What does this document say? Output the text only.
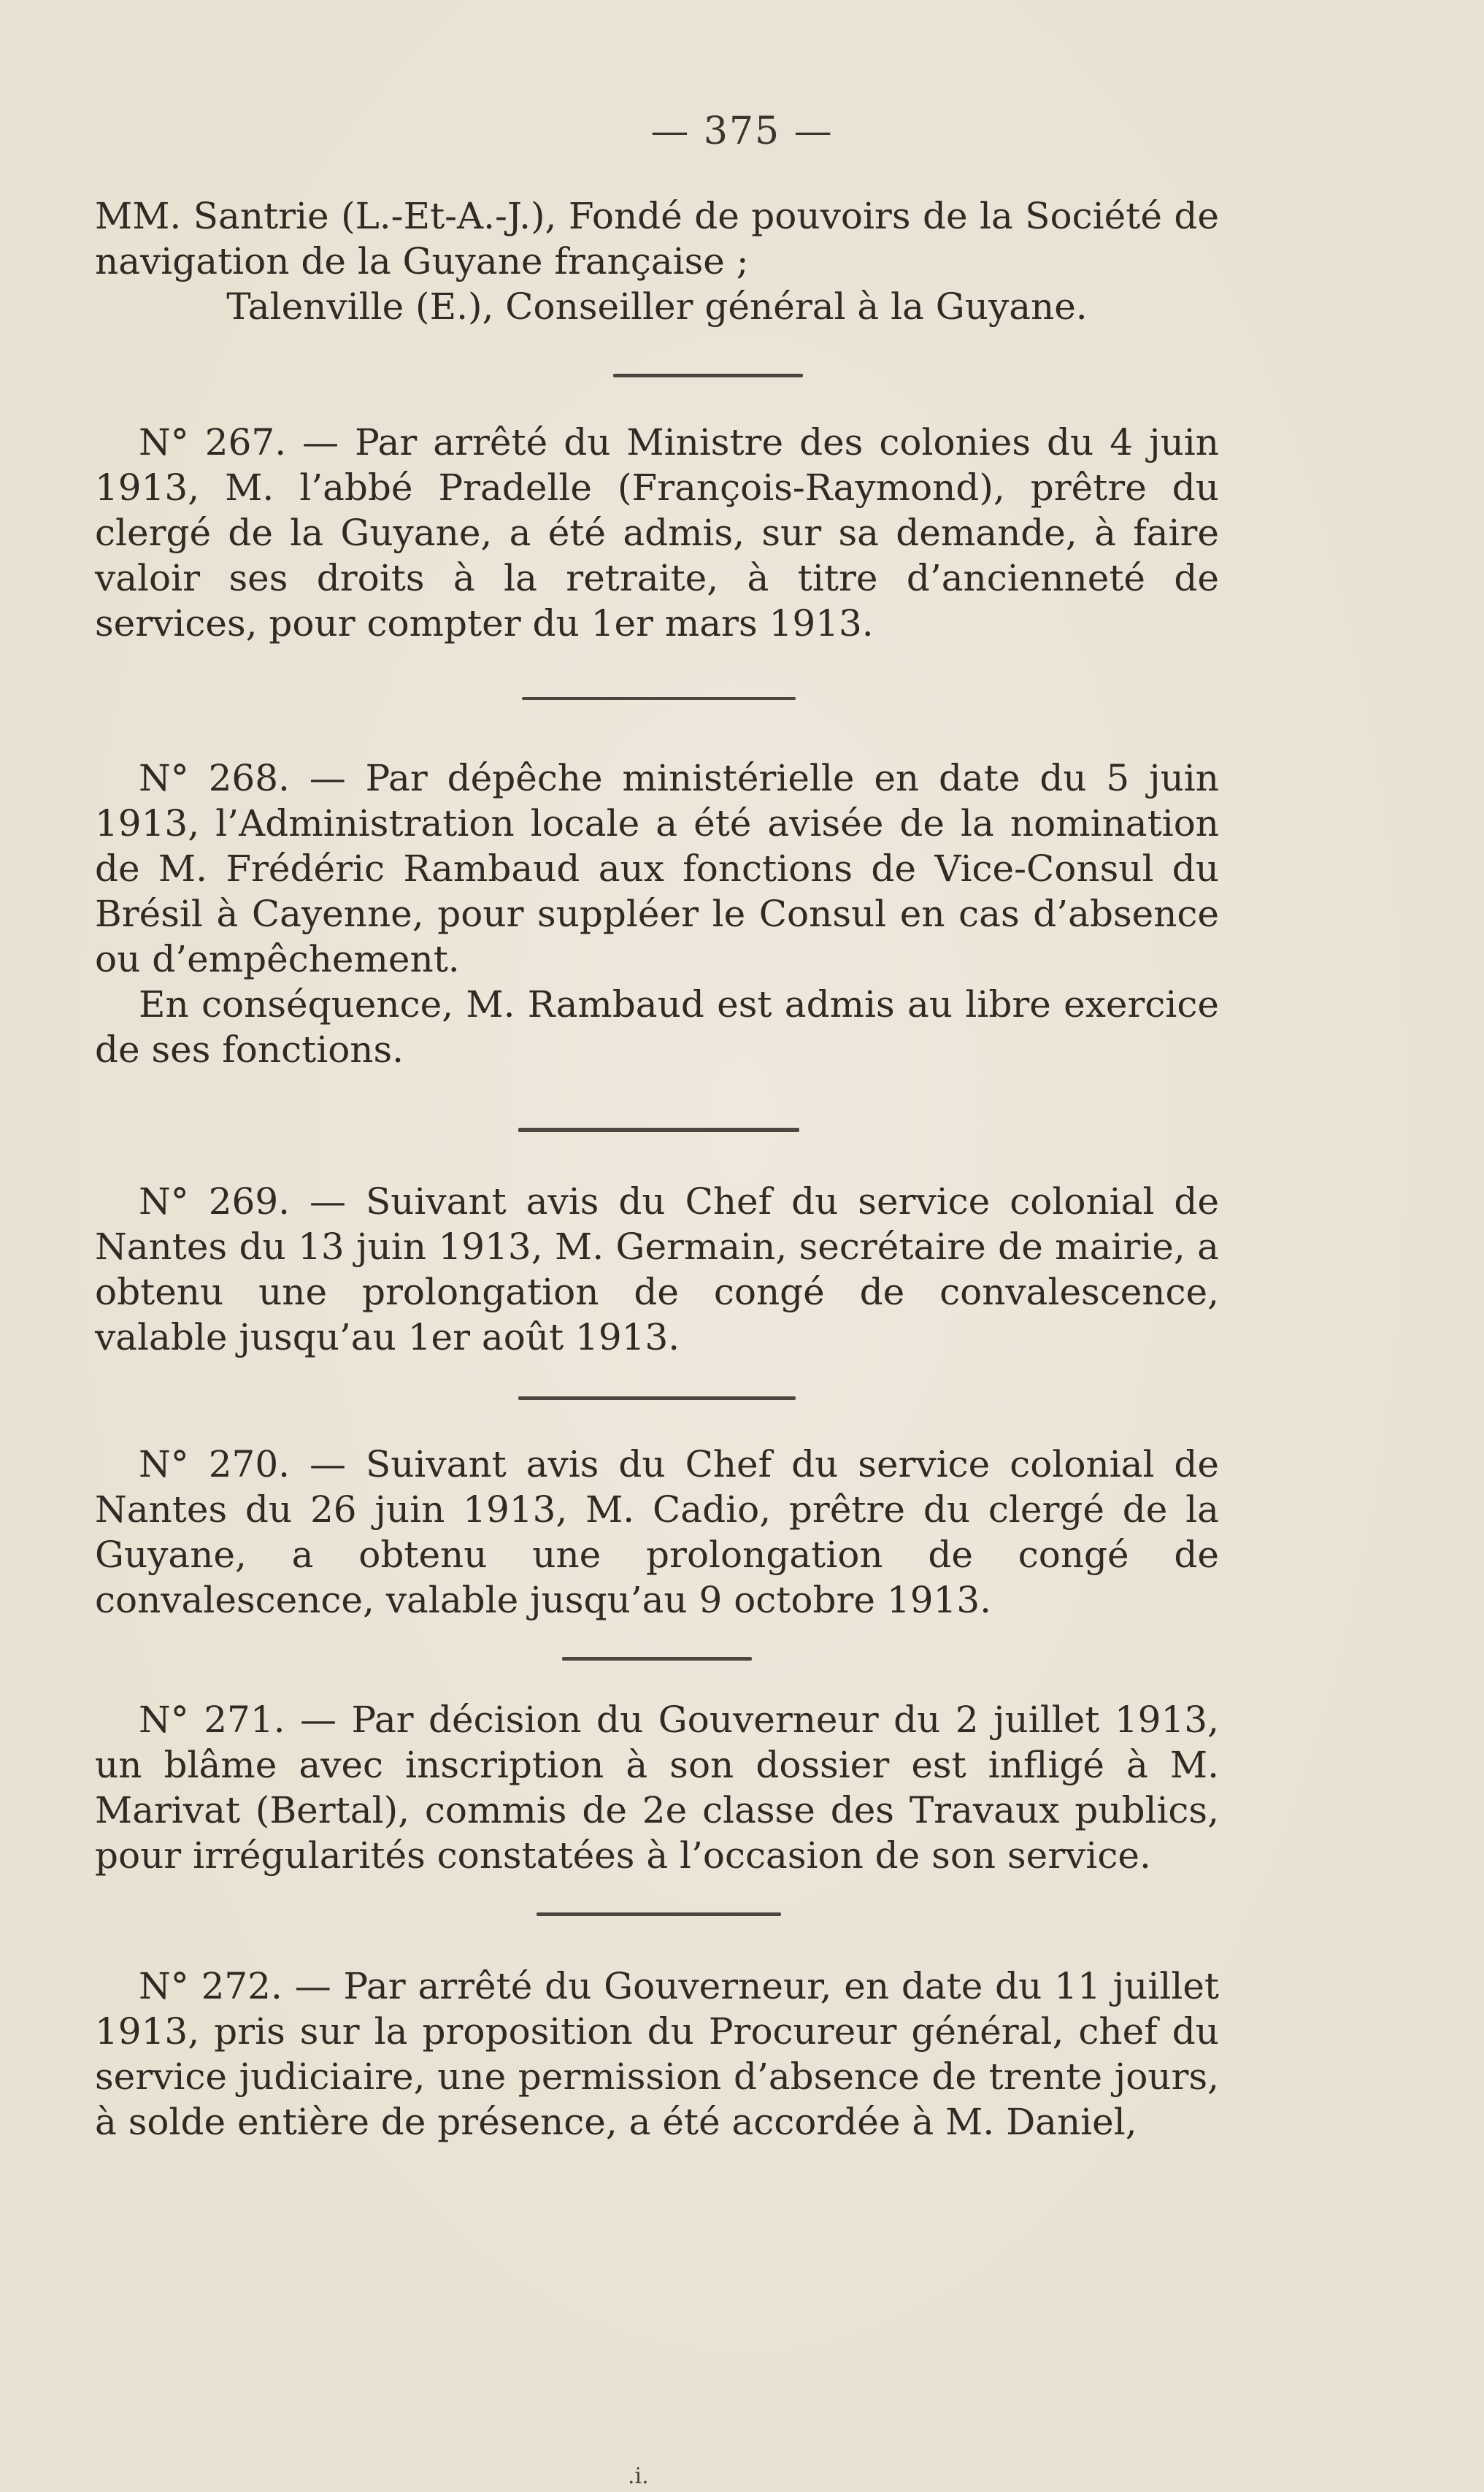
— 375 —

MM. Santrie (L.-Et-A.-J.), Fondé de pouvoirs de la Société de navigation de la Guyane française ;

Talenville (E.), Conseiller général à la Guyane.

N° 267. — Par arrêté du Ministre des colonies du 4 juin 1913, M. l’abbé Pradelle (François-Raymond), prêtre du clergé de la Guyane, a été admis, sur sa demande, à faire valoir ses droits à la retraite, à titre d’ancienneté de services, pour compter du 1er mars 1913.

N° 268. — Par dépêche ministérielle en date du 5 juin 1913, l’Administration locale a été avisée de la nomination de M. Frédéric Rambaud aux fonctions de Vice-Consul du Brésil à Cayenne, pour suppléer le Consul en cas d’absence ou d’empêchement.

En conséquence, M. Rambaud est admis au libre exercice de ses fonctions.

N° 269. — Suivant avis du Chef du service colonial de Nantes du 13 juin 1913, M. Germain, secrétaire de mairie, a obtenu une prolongation de congé de convalescence, valable jusqu’au 1er août 1913.

N° 270. — Suivant avis du Chef du service colonial de Nantes du 26 juin 1913, M. Cadio, prêtre du clergé de la Guyane, a obtenu une prolongation de congé de convalescence, valable jusqu’au 9 octobre 1913.

N° 271. — Par décision du Gouverneur du 2 juillet 1913, un blâme avec inscription à son dossier est infligé à M. Marivat (Bertal), commis de 2e classe des Travaux publics, pour irrégularités constatées à l’occasion de son service.

N° 272. — Par arrêté du Gouverneur, en date du 11 juillet 1913, pris sur la proposition du Procureur général, chef du service judiciaire, une permission d’absence de trente jours, à solde entière de présence, a été accordée à M. Daniel,

.i.
